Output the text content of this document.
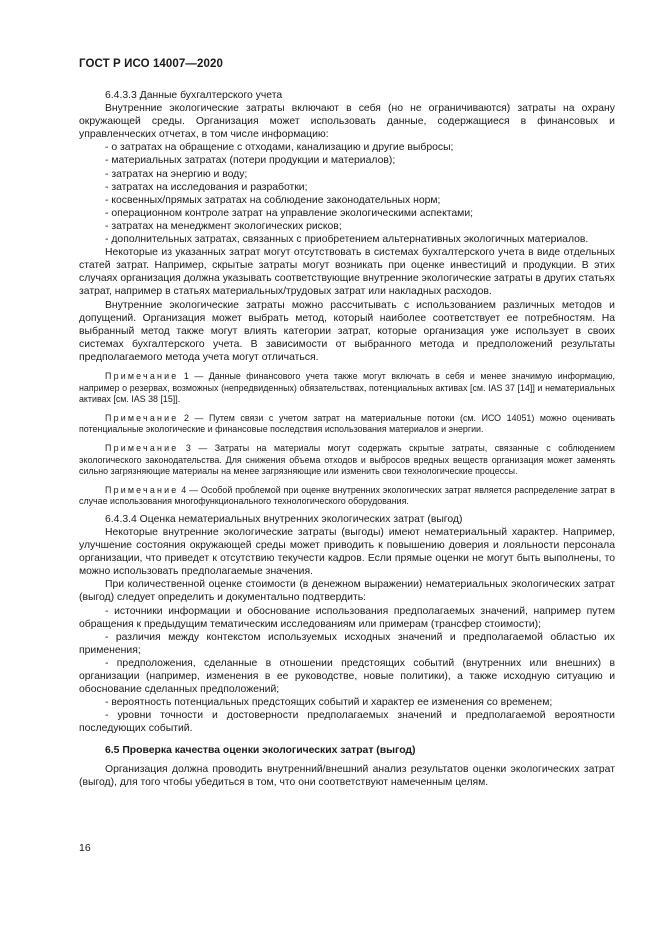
ГОСТ Р ИСО 14007—2020

6.4.3.3 Данные бухгалтерского учета

Внутренние экологические затраты включают в себя (но не ограничиваются) затраты на охрану окружающей среды. Организация может использовать данные, содержащиеся в финансовых и управленческих отчетах, в том числе информацию:

- о затратах на обращение с отходами, канализацию и другие выбросы;

- материальных затратах (потери продукции и материалов);

- затратах на энергию и воду;

- затратах на исследования и разработки;

- косвенных/прямых затратах на соблюдение законодательных норм;

- операционном контроле затрат на управление экологическими аспектами;

- затратах на менеджмент экологических рисков;

- дополнительных затратах, связанных с приобретением альтернативных экологичных материалов.

Некоторые из указанных затрат могут отсутствовать в системах бухгалтерского учета в виде отдельных статей затрат. Например, скрытые затраты могут возникать при оценке инвестиций и продукции. В этих случаях организация должна указывать соответствующие внутренние экологические затраты в других статьях затрат, например в статьях материальных/трудовых затрат или накладных расходов.

Внутренние экологические затраты можно рассчитывать с использованием различных методов и допущений. Организация может выбрать метод, который наиболее соответствует ее потребностям. На выбранный метод также могут влиять категории затрат, которые организация уже использует в своих системах бухгалтерского учета. В зависимости от выбранного метода и предположений результаты предполагаемого метода учета могут отличаться.

Примечание 1 — Данные финансового учета также могут включать в себя и менее значимую информацию, например о резервах, возможных (непредвиденных) обязательствах, потенциальных активах [см. IAS 37 [14]] и нематериальных активах [см. IAS 38 [15]].

Примечание 2 — Путем связи с учетом затрат на материальные потоки (см. ИСО 14051) можно оценивать потенциальные экологические и финансовые последствия использования материалов и энергии.

Примечание 3 — Затраты на материалы могут содержать скрытые затраты, связанные с соблюдением экологического законодательства. Для снижения объема отходов и выбросов вредных веществ организация может заменять сильно загрязняющие материалы на менее загрязняющие или изменить свои технологические процессы.

Примечание 4 — Особой проблемой при оценке внутренних экологических затрат является распределение затрат в случае использования многофункционального технологического оборудования.

6.4.3.4 Оценка нематериальных внутренних экологических затрат (выгод)

Некоторые внутренние экологические затраты (выгоды) имеют нематериальный характер. Например, улучшение состояния окружающей среды может приводить к повышению доверия и лояльности персонала организации, что приведет к отсутствию текучести кадров. Если прямые оценки не могут быть выполнены, то можно использовать предполагаемые значения.

При количественной оценке стоимости (в денежном выражении) нематериальных экологических затрат (выгод) следует определить и документально подтвердить:

- источники информации и обоснование использования предполагаемых значений, например путем обращения к предыдущим тематическим исследованиям или примерам (трансфер стоимости);

- различия между контекстом используемых исходных значений и предполагаемой областью их применения;

- предположения, сделанные в отношении предстоящих событий (внутренних или внешних) в организации (например, изменения в ее руководстве, новые политики), а также исходную ситуацию и обоснование сделанных предположений;

- вероятность потенциальных предстоящих событий и характер ее изменения со временем;

- уровни точности и достоверности предполагаемых значений и предполагаемой вероятности последующих событий.

6.5 Проверка качества оценки экологических затрат (выгод)

Организация должна проводить внутренний/внешний анализ результатов оценки экологических затрат (выгод), для того чтобы убедиться в том, что они соответствуют намеченным целям.

16
